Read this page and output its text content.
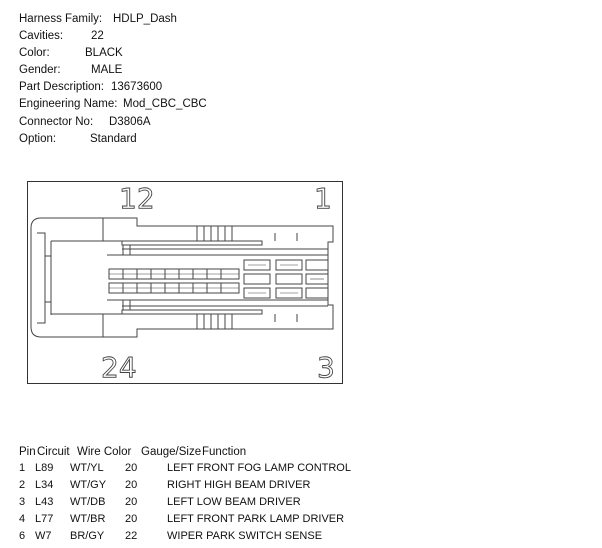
Harness Family: HDLP_Dash
Cavities: 22
Color:	BLACK
Gender:	MALE
Part Description: 13673600
Engineering Name: Mod_CBC_CBC
Connector No: D3806A
Option:	Standard
12	1
24	3
Pin Circuit Wire Color Gauge/Size Function
1 L89 WT/YL 20	LEFT FRONT FOG LAMP CONTROL
2 L34 WT/GY 20	RIGHT HIGH BEAM DRIVER
3 L43 WT/DB 20	LEFT LOW BEAM DRIVER
4 L77 WT/BR 20	LEFT FRONT PARK LAMP DRIVER
6 W7 BR/GY 22	WIPER PARK SWITCH SENSE
